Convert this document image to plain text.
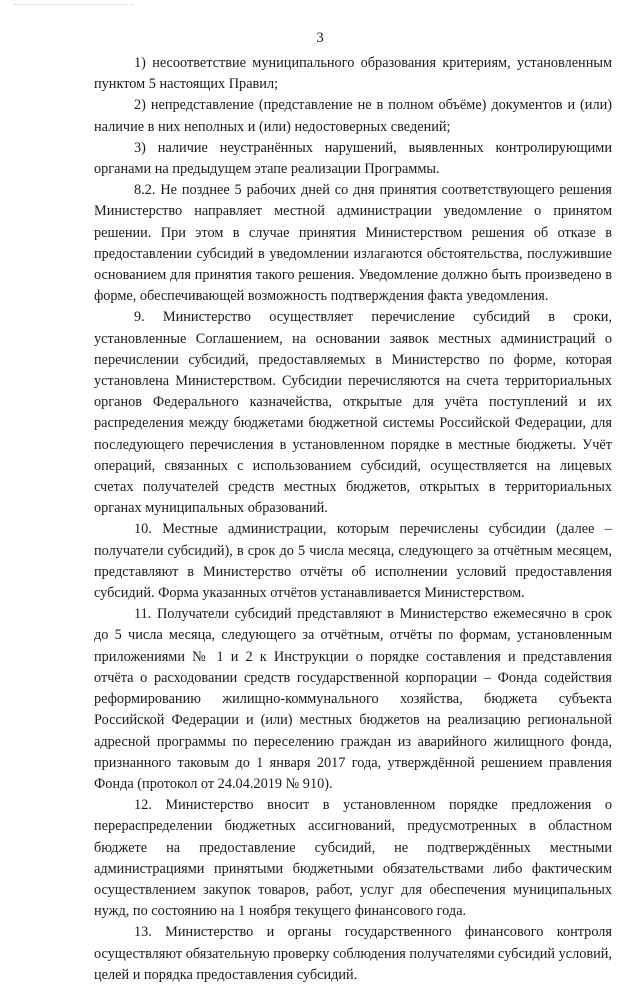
3

1) несоответствие муниципального образования критериям, установленным пунктом 5 настоящих Правил;

2) непредставление (представление не в полном объёме) документов и (или) наличие в них неполных и (или) недостоверных сведений;

3) наличие неустранённых нарушений, выявленных контролирующими органами на предыдущем этапе реализации Программы.

8.2. Не позднее 5 рабочих дней со дня принятия соответствующего решения Министерство направляет местной администрации уведомление о принятом решении. При этом в случае принятия Министерством решения об отказе в предоставлении субсидий в уведомлении излагаются обстоятельства, послужившие основанием для принятия такого решения. Уведомление должно быть произведено в форме, обеспечивающей возможность подтверждения факта уведомления.

9. Министерство осуществляет перечисление субсидий в сроки, установленные Соглашением, на основании заявок местных администраций о перечислении субсидий, предоставляемых в Министерство по форме, которая установлена Министерством. Субсидии перечисляются на счета территориальных органов Федерального казначейства, открытые для учёта поступлений и их распределения между бюджетами бюджетной системы Российской Федерации, для последующего перечисления в установленном порядке в местные бюджеты. Учёт операций, связанных с использованием субсидий, осуществляется на лицевых счетах получателей средств местных бюджетов, открытых в территориальных органах муниципальных образований.

10. Местные администрации, которым перечислены субсидии (далее – получатели субсидий), в срок до 5 числа месяца, следующего за отчётным месяцем, представляют в Министерство отчёты об исполнении условий предоставления субсидий. Форма указанных отчётов устанавливается Министерством.

11. Получатели субсидий представляют в Министерство ежемесячно в срок до 5 числа месяца, следующего за отчётным, отчёты по формам, установленным приложениями № 1 и 2 к Инструкции о порядке составления и представления отчёта о расходовании средств государственной корпорации – Фонда содействия реформированию жилищно-коммунального хозяйства, бюджета субъекта Российской Федерации и (или) местных бюджетов на реализацию региональной адресной программы по переселению граждан из аварийного жилищного фонда, признанного таковым до 1 января 2017 года, утверждённой решением правления Фонда (протокол от 24.04.2019 № 910).

12. Министерство вносит в установленном порядке предложения о перераспределении бюджетных ассигнований, предусмотренных в областном бюджете на предоставление субсидий, не подтверждённых местными администрациями принятыми бюджетными обязательствами либо фактическим осуществлением закупок товаров, работ, услуг для обеспечения муниципальных нужд, по состоянию на 1 ноября текущего финансового года.

13. Министерство и органы государственного финансового контроля осуществляют обязательную проверку соблюдения получателями субсидий условий, целей и порядка предоставления субсидий.
